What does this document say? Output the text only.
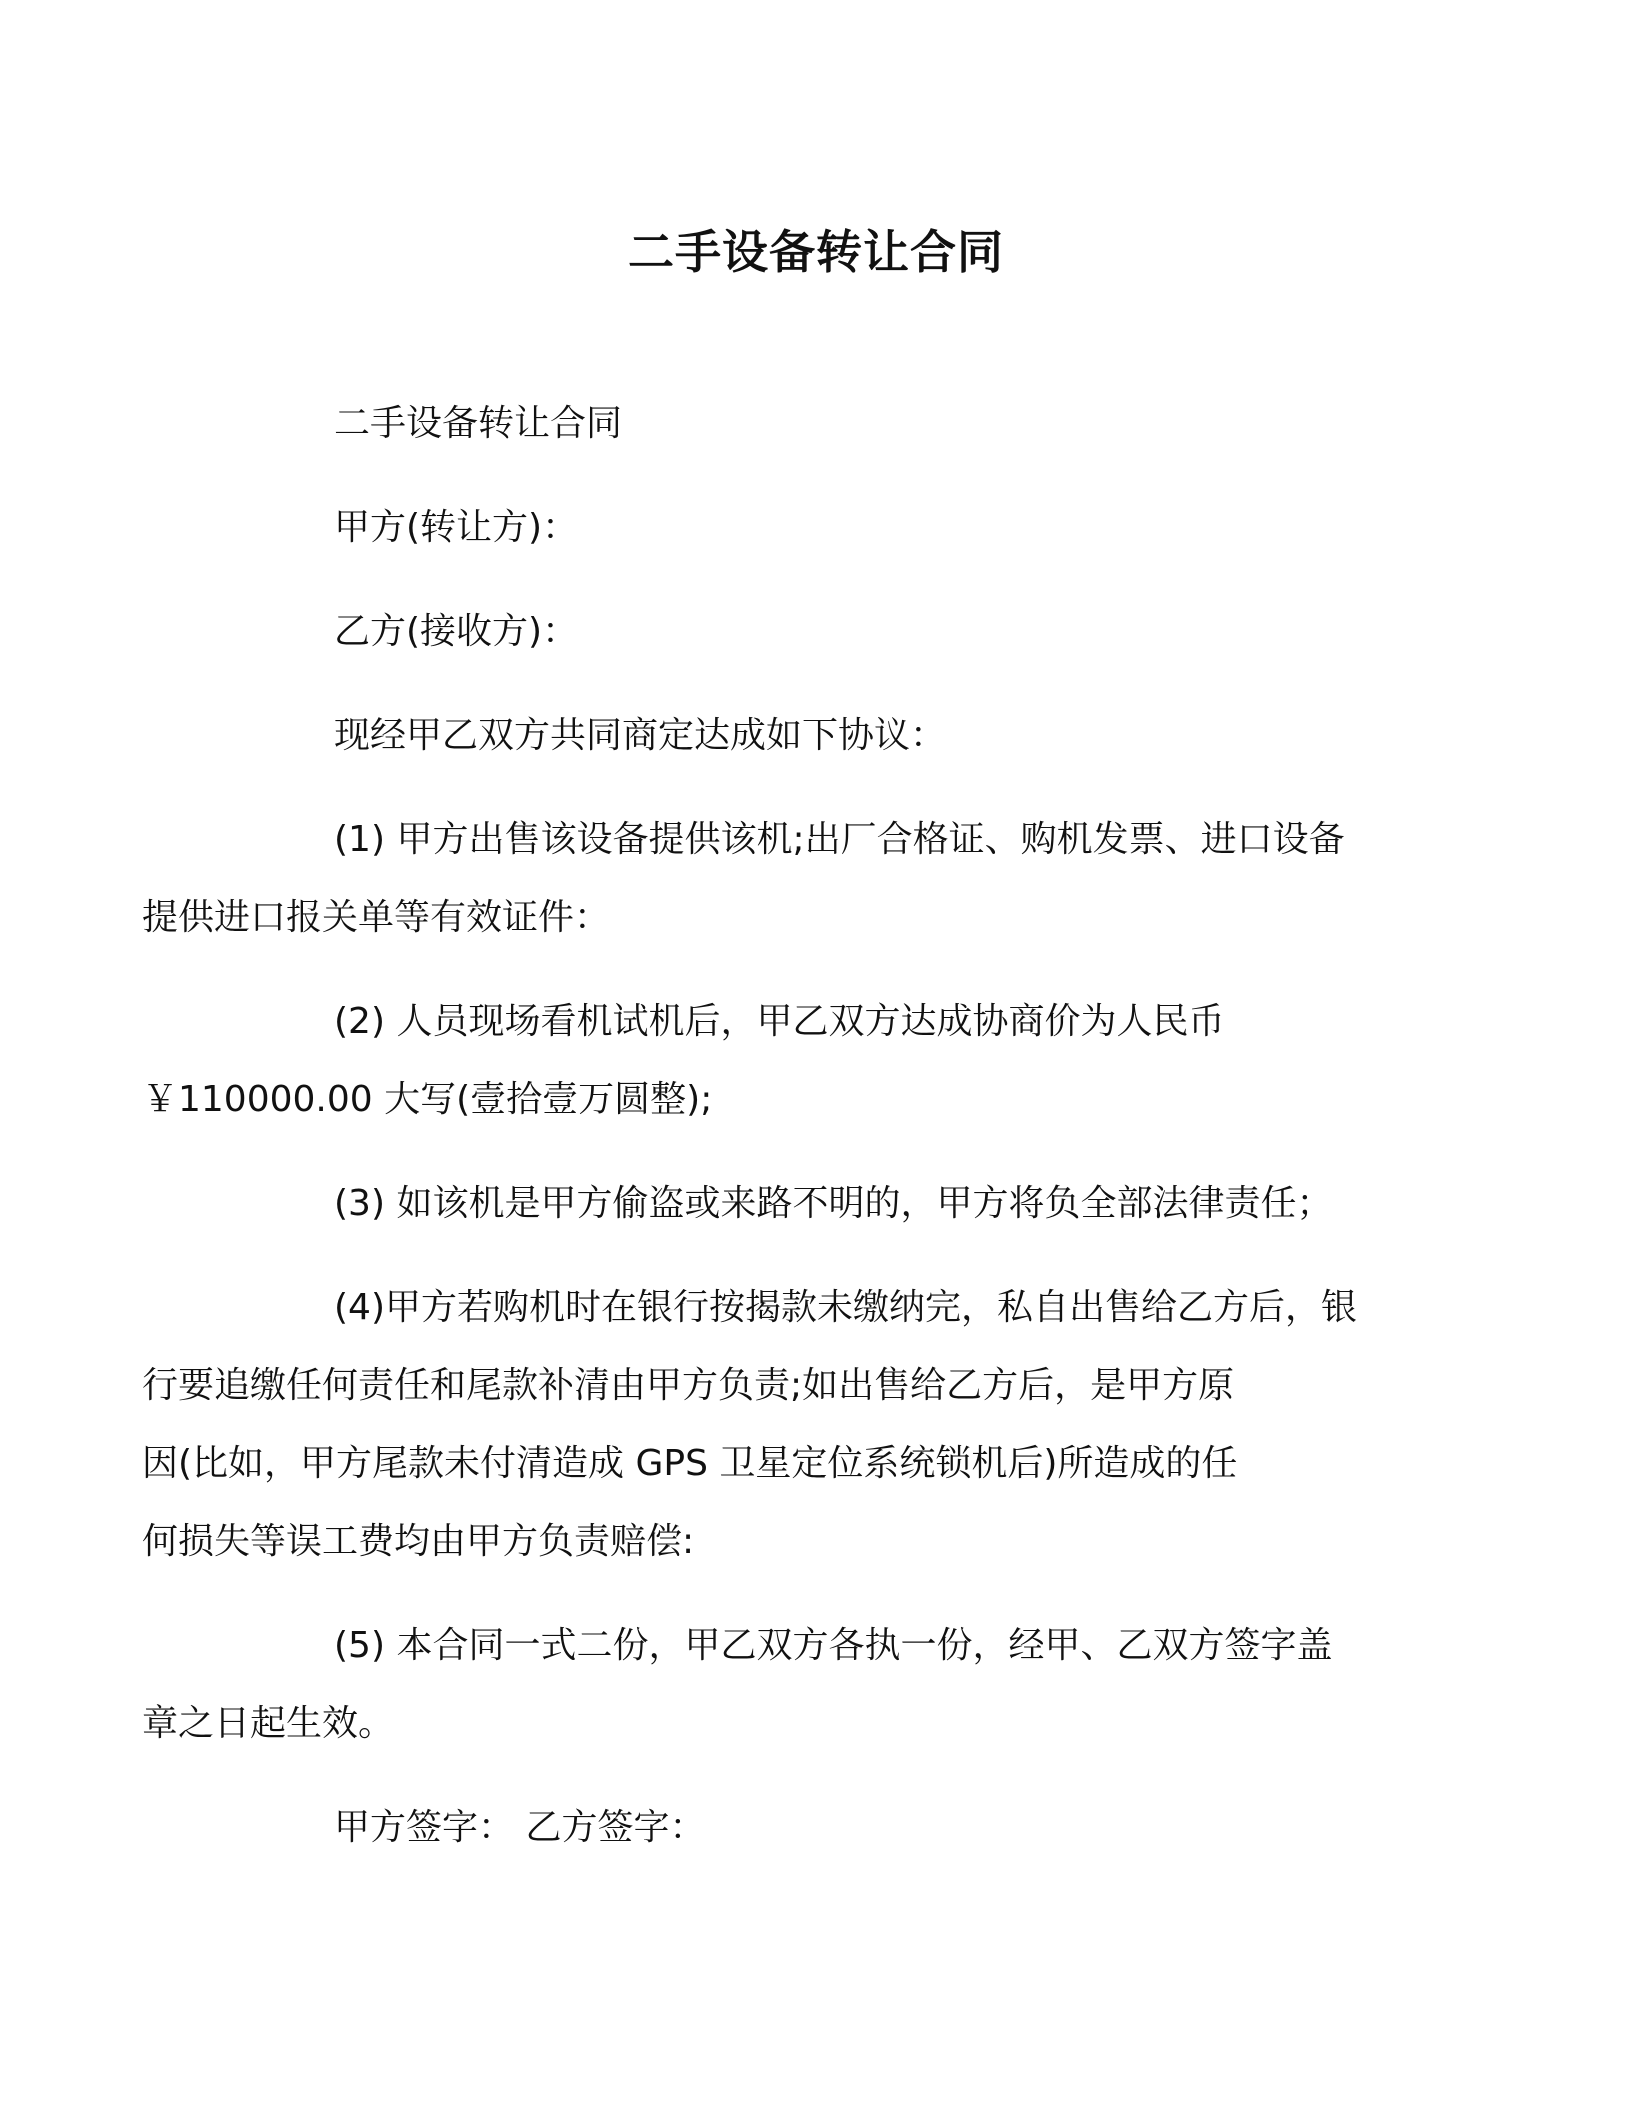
二手设备转让合同
二手设备转让合同
甲方(转让方)：
乙方(接收方)：
现经甲乙双方共同商定达成如下协议：
(1) 甲方出售该设备提供该机;出厂合格证、购机发票、进口设备
提供进口报关单等有效证件：
(2) 人员现场看机试机后，甲乙双方达成协商价为人民币
￥110000.00 大写(壹拾壹万圆整);
(3) 如该机是甲方偷盗或来路不明的，甲方将负全部法律责任；
(4)甲方若购机时在银行按揭款未缴纳完，私自出售给乙方后，银
行要追缴任何责任和尾款补清由甲方负责;如出售给乙方后，是甲方原
因(比如，甲方尾款未付清造成 GPS 卫星定位系统锁机后)所造成的任
何损失等误工费均由甲方负责赔偿:
(5) 本合同一式二份，甲乙双方各执一份，经甲、乙双方签字盖
章之日起生效。
甲方签字： 乙方签字：
